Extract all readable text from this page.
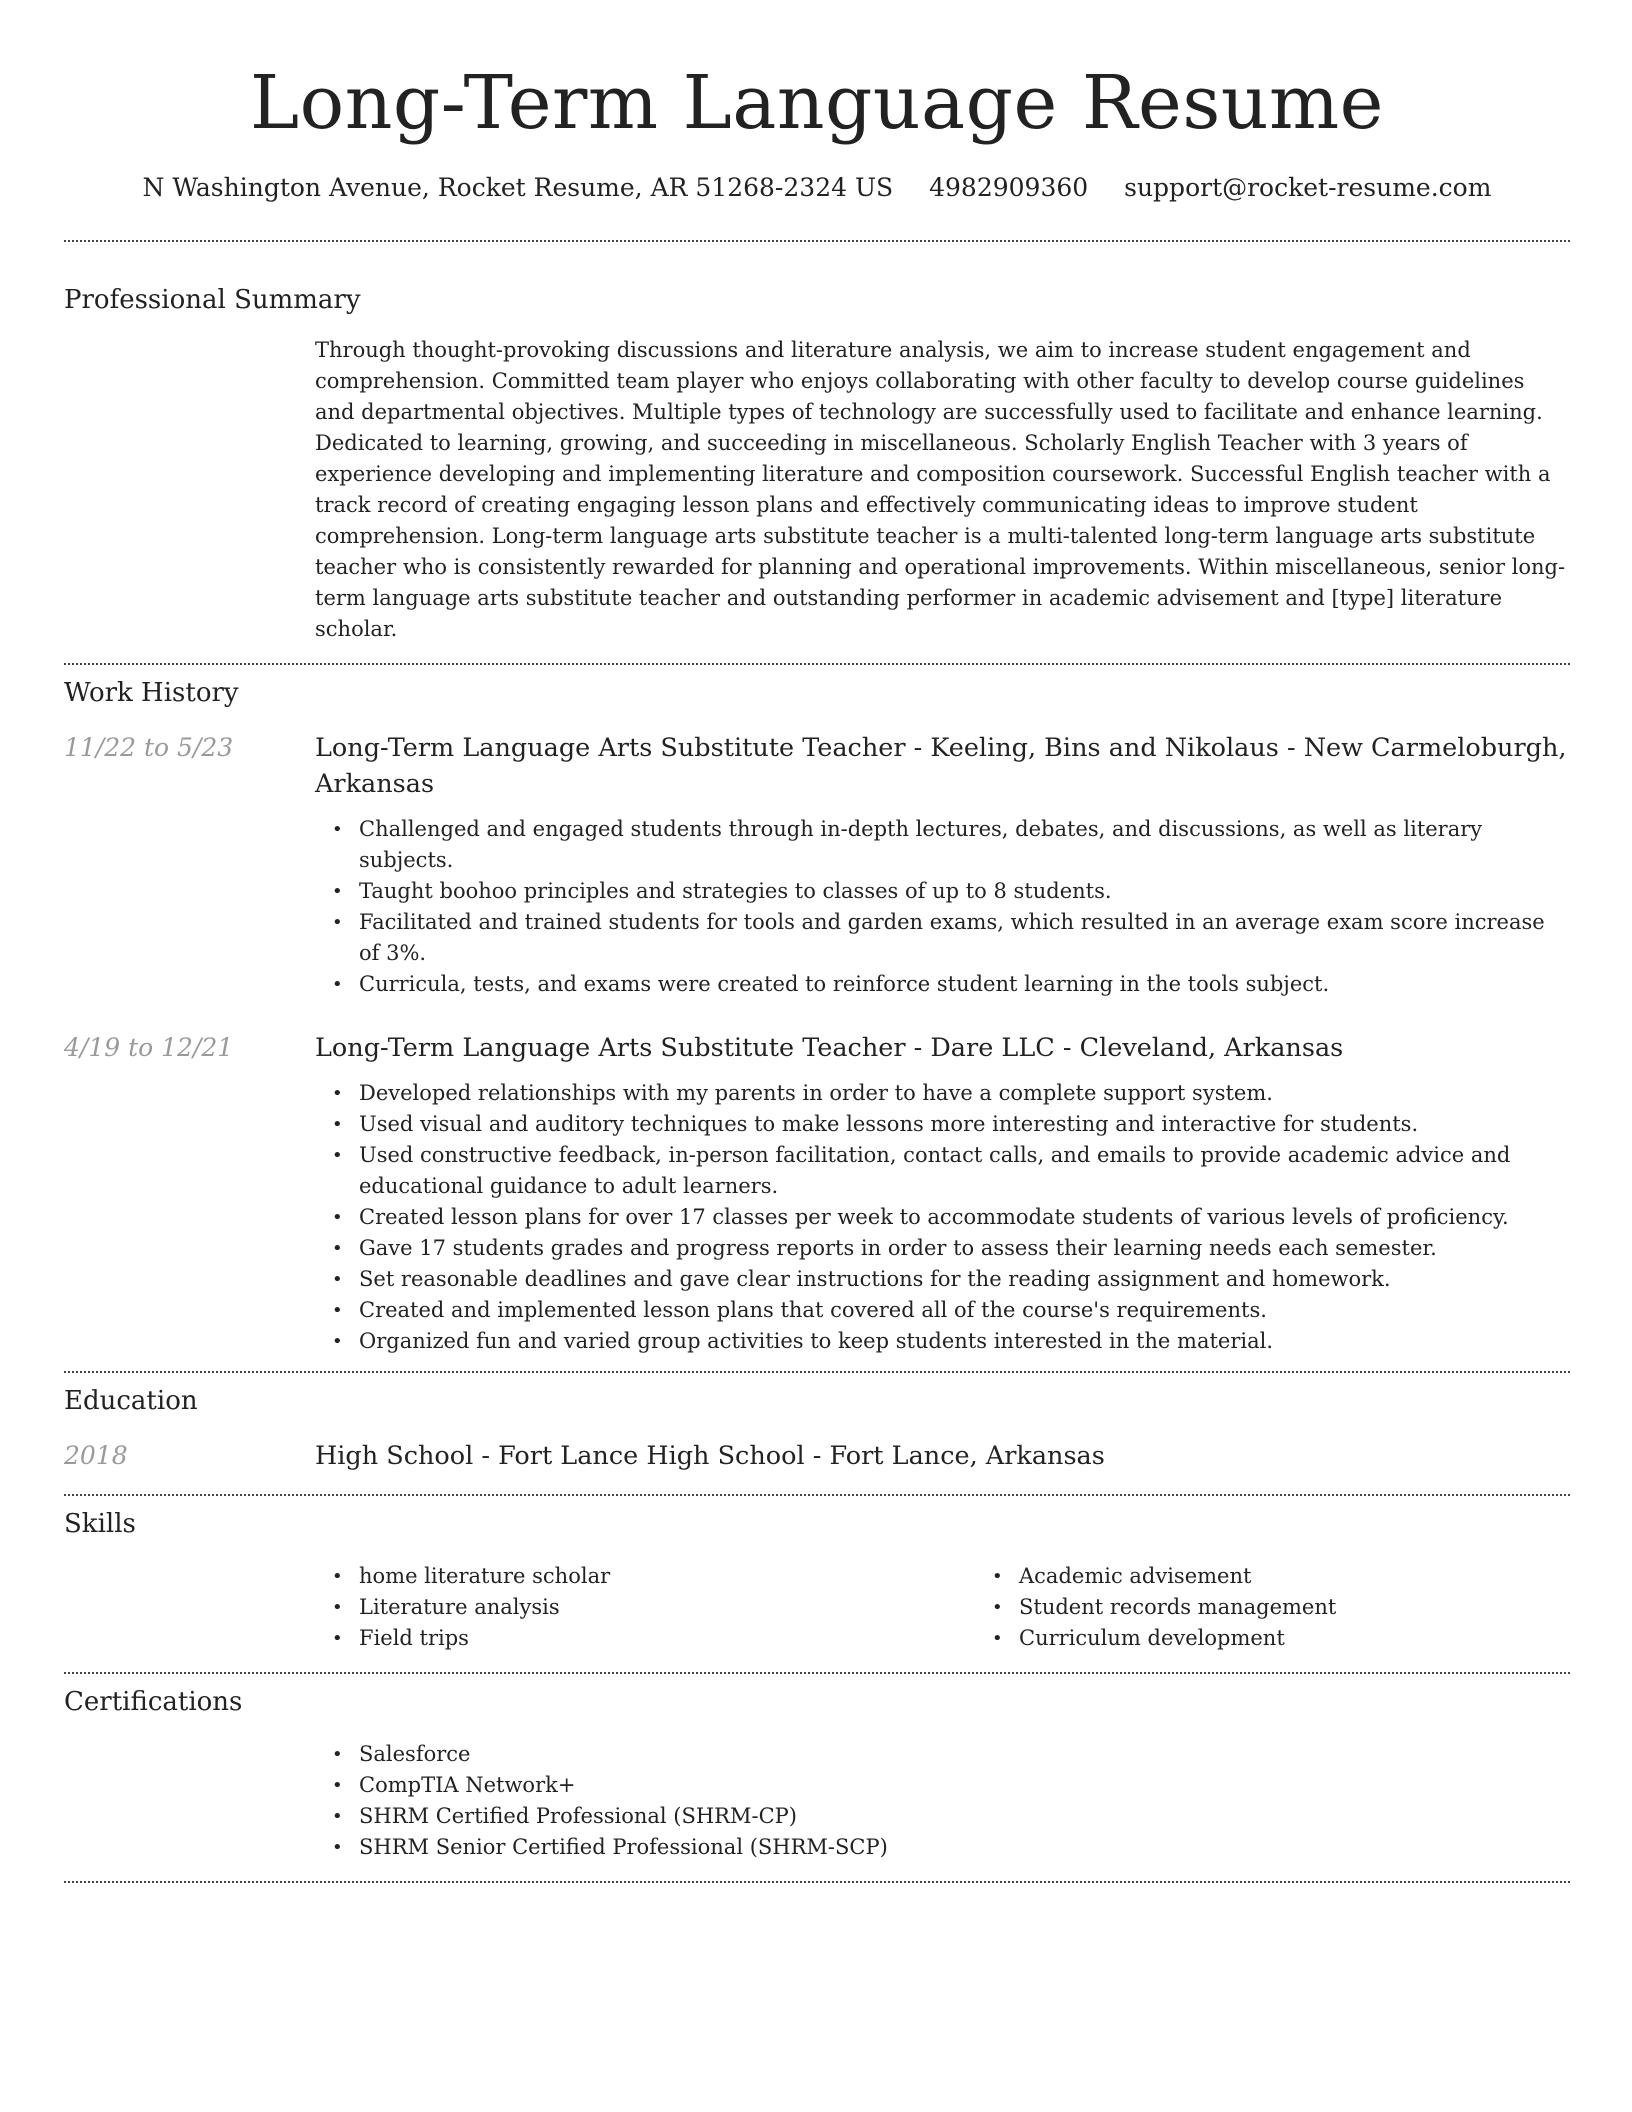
Long-Term Language Resume
N Washington Avenue, Rocket Resume, AR 51268-2324 US 4982909360 support@rocket-resume.com
Professional Summary

Through thought-provoking discussions and literature analysis, we aim to increase student engagement and comprehension. Committed team player who enjoys collaborating with other faculty to develop course guidelines and departmental objectives. Multiple types of technology are successfully used to facilitate and enhance learning. Dedicated to learning, growing, and succeeding in miscellaneous. Scholarly English Teacher with 3 years of experience developing and implementing literature and composition coursework. Successful English teacher with a track record of creating engaging lesson plans and effectively communicating ideas to improve student comprehension. Long-term language arts substitute teacher is a multi-talented long-term language arts substitute teacher who is consistently rewarded for planning and operational improvements. Within miscellaneous, senior long-term language arts substitute teacher and outstanding performer in academic advisement and [type] literature scholar.

Work History
11/22 to 5/23	Long-Term Language Arts Substitute Teacher - Keeling, Bins and Nikolaus - New Carmeloburgh, Arkansas
• Challenged and engaged students through in-depth lectures, debates, and discussions, as well as literary subjects.
• Taught boohoo principles and strategies to classes of up to 8 students.
• Facilitated and trained students for tools and garden exams, which resulted in an average exam score increase of 3%.
• Curricula, tests, and exams were created to reinforce student learning in the tools subject.
4/19 to 12/21	Long-Term Language Arts Substitute Teacher - Dare LLC - Cleveland, Arkansas
• Developed relationships with my parents in order to have a complete support system.
• Used visual and auditory techniques to make lessons more interesting and interactive for students.
• Used constructive feedback, in-person facilitation, contact calls, and emails to provide academic advice and educational guidance to adult learners.
• Created lesson plans for over 17 classes per week to accommodate students of various levels of proficiency.
• Gave 17 students grades and progress reports in order to assess their learning needs each semester.
• Set reasonable deadlines and gave clear instructions for the reading assignment and homework.
• Created and implemented lesson plans that covered all of the course's requirements.
• Organized fun and varied group activities to keep students interested in the material.
Education
2018	High School - Fort Lance High School - Fort Lance, Arkansas
Skills
• home literature scholar
• Literature analysis
• Field trips
• Academic advisement
• Student records management
• Curriculum development
Certifications
• Salesforce
• CompTIA Network+
• SHRM Certified Professional (SHRM-CP)
• SHRM Senior Certified Professional (SHRM-SCP)
